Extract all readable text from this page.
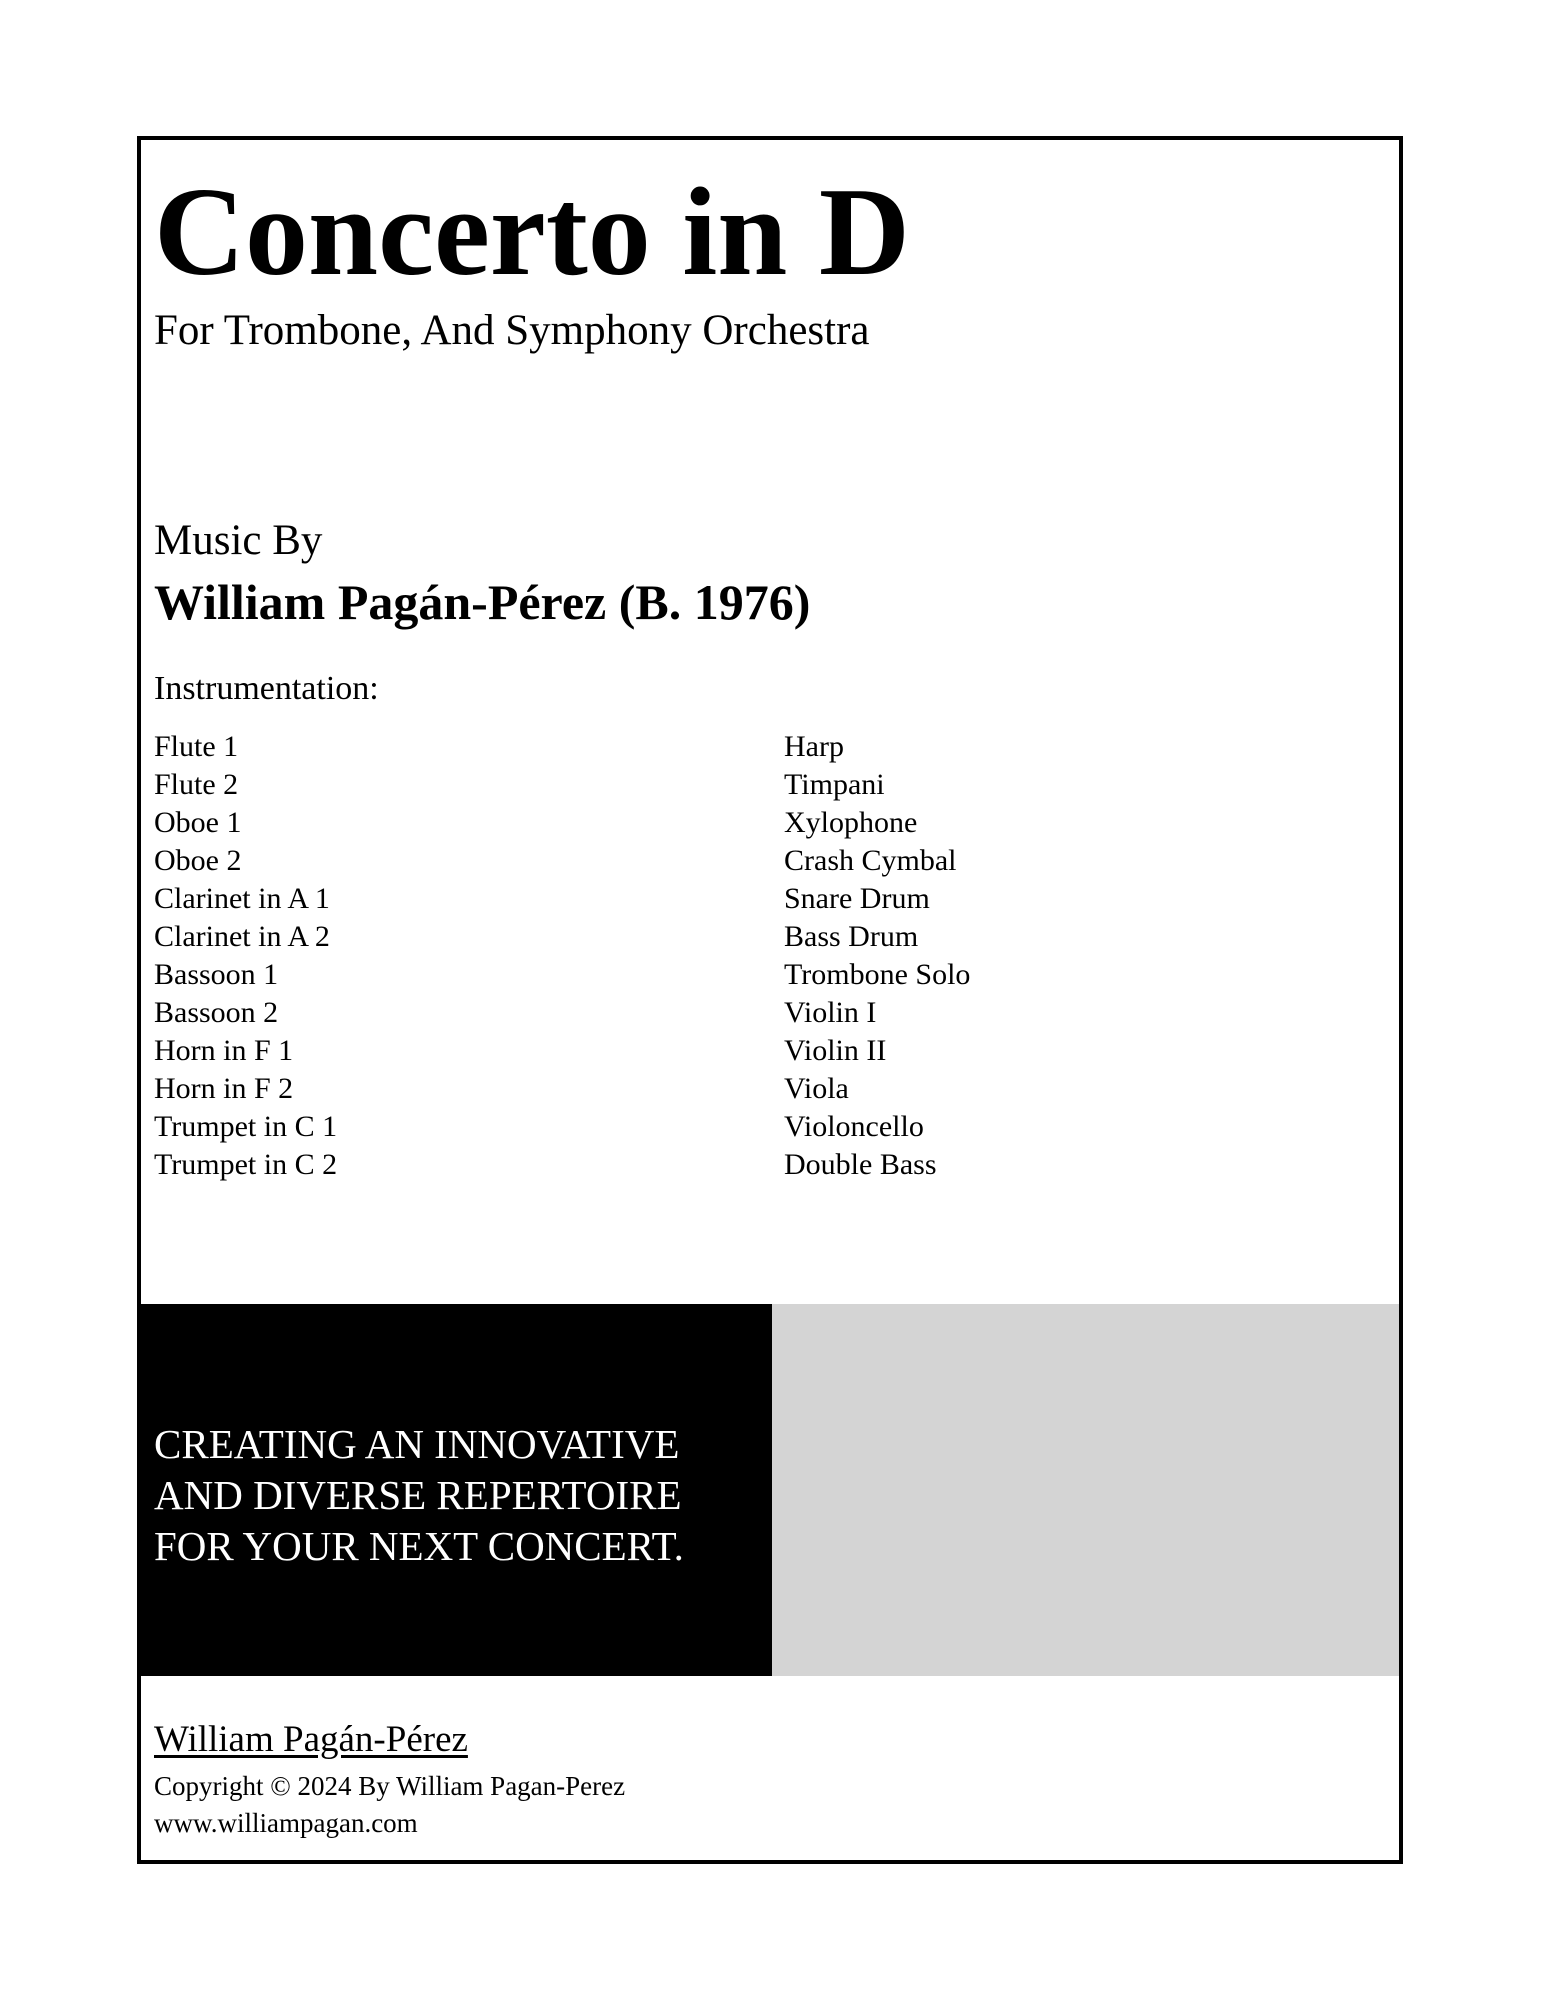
Concerto in D
For Trombone, And Symphony Orchestra
Music By
William Pagán-Pérez (B. 1976)
Instrumentation:
Flute 1
Flute 2
Oboe 1
Oboe 2
Clarinet in A 1
Clarinet in A 2
Bassoon 1
Bassoon 2
Horn in F 1
Horn in F 2
Trumpet in C 1
Trumpet in C 2
Harp
Timpani
Xylophone
Crash Cymbal
Snare Drum
Bass Drum
Trombone Solo
Violin I
Violin II
Viola
Violoncello
Double Bass
CREATING AN INNOVATIVE
AND DIVERSE REPERTOIRE
FOR YOUR NEXT CONCERT.
William Pagán-Pérez
Copyright © 2024 By William Pagan-Perez
www.williampagan.com
